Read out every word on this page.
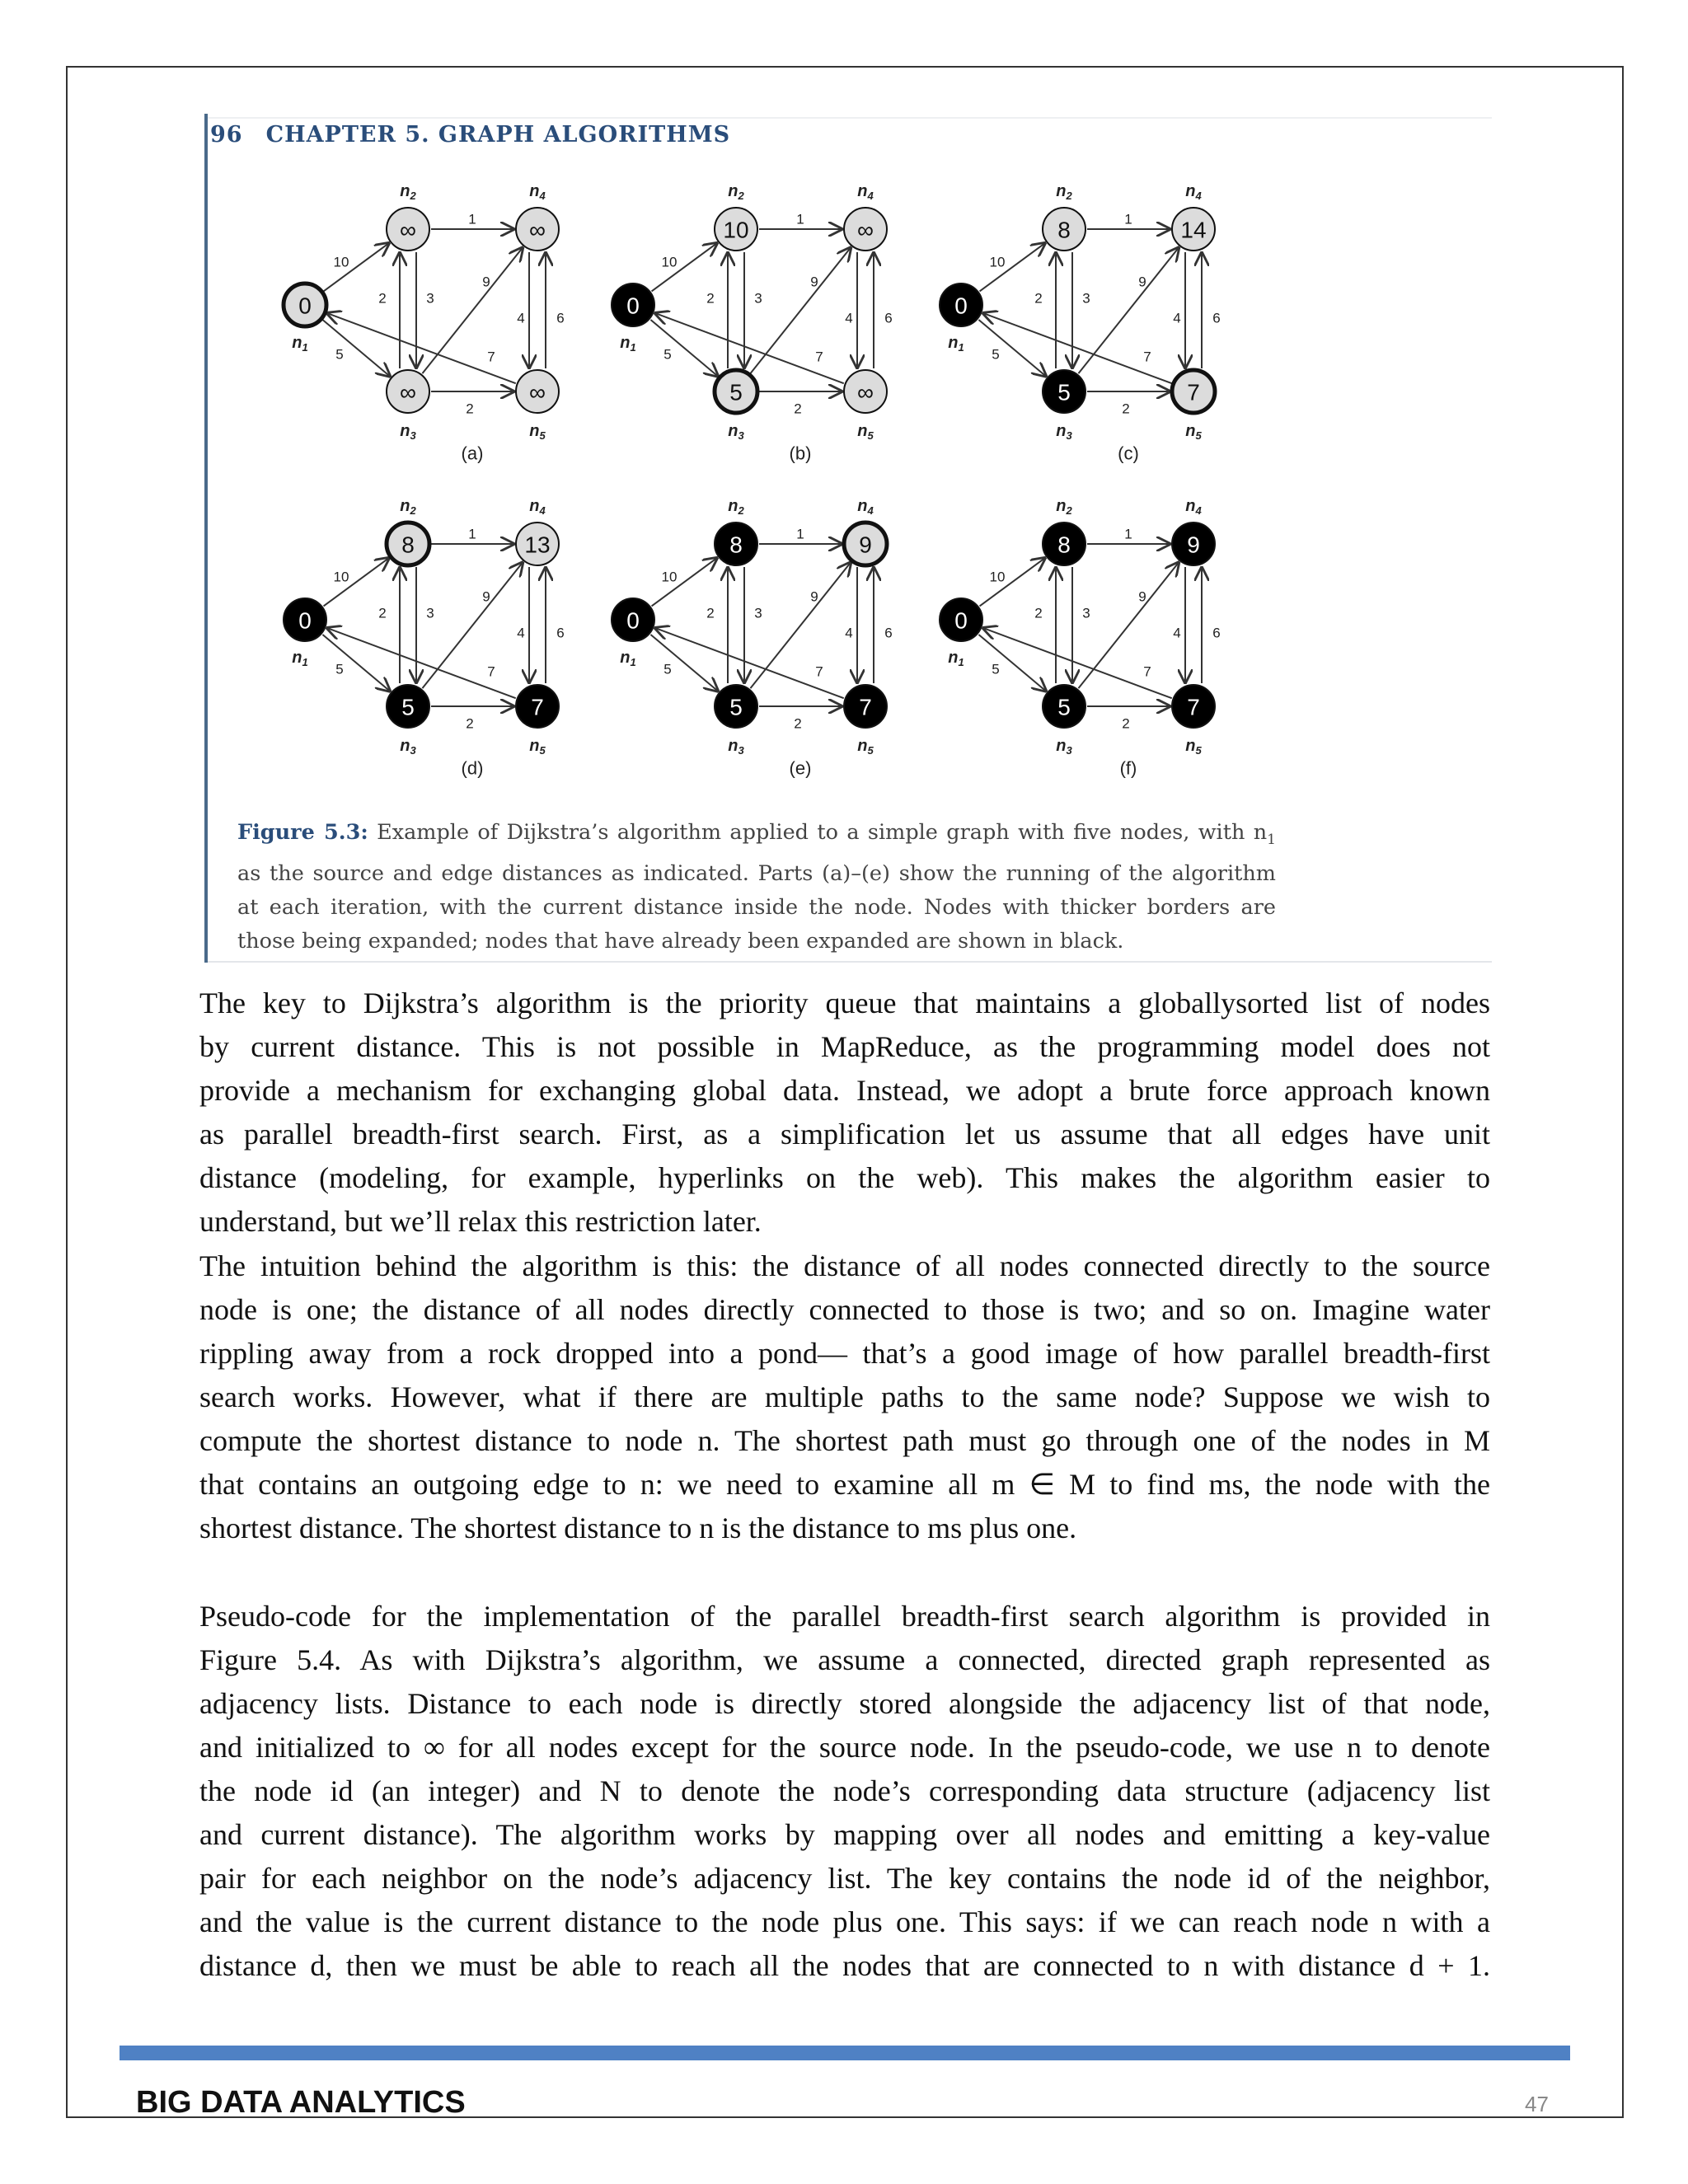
96 CHAPTER 5. GRAPH ALGORITHMS
10
5
1
2	3
9
2
4 6
7
0
$n_1$
∞
$n_2$
∞
$n_3$
∞
$n_4$
∞
$n_5$
(a)
10
5
1
2	3
9
2
4 6
7
0
$n_1$
10
$n_2$
5
$n_3$
∞
$n_4$
∞
$n_5$
(b)
10
5
1
2	3
9
2
4 6
7
0
$n_1$
8
$n_2$
5
$n_3$
14
$n_4$
7
$n_5$
(c)
10
5
1
2	3
9
2
4 6
7
0
$n_1$
8
$n_2$
5
$n_3$
13
$n_4$
7
$n_5$
(d)
10
5
1
2	3
9
2
4 6
7
0
$n_1$
8
$n_2$
5
$n_3$
9
$n_4$
7
$n_5$
(e)
10
5
1
2	3
9
2
4 6
7
0
$n_1$
8
$n_2$
5
$n_3$
9
$n_4$
7
$n_5$
(f)
Figure 5.3: Example of Dijkstra’s algorithm applied to a simple graph with five nodes, with $n_1$
as the source and edge distances as indicated. Parts (a)–(e) show the running of the algorithm
at each iteration, with the current distance inside the node. Nodes with thicker borders are
those being expanded; nodes that have already been expanded are shown in black.
The key to Dijkstra’s algorithm is the priority queue that maintains a globallysorted list of nodes
by current distance. This is not possible in MapReduce, as the programming model does not
provide a mechanism for exchanging global data. Instead, we adopt a brute force approach known
as parallel breadth-first search. First, as a simplification let us assume that all edges have unit
distance (modeling, for example, hyperlinks on the web). This makes the algorithm easier to
understand, but we’ll relax this restriction later.
The intuition behind the algorithm is this: the distance of all nodes connected directly to the source
node is one; the distance of all nodes directly connected to those is two; and so on. Imagine water
rippling away from a rock dropped into a pond— that’s a good image of how parallel breadth-first
search works. However, what if there are multiple paths to the same node? Suppose we wish to
compute the shortest distance to node n. The shortest path must go through one of the nodes in M
that contains an outgoing edge to n: we need to examine all m ∈ M to find ms, the node with the
shortest distance. The shortest distance to n is the distance to ms plus one.
Pseudo-code for the implementation of the parallel breadth-first search algorithm is provided in
Figure 5.4. As with Dijkstra’s algorithm, we assume a connected, directed graph represented as
adjacency lists. Distance to each node is directly stored alongside the adjacency list of that node,
and initialized to ∞ for all nodes except for the source node. In the pseudo-code, we use n to denote
the node id (an integer) and N to denote the node’s corresponding data structure (adjacency list
and current distance). The algorithm works by mapping over all nodes and emitting a key-value
pair for each neighbor on the node’s adjacency list. The key contains the node id of the neighbor,
and the value is the current distance to the node plus one. This says: if we can reach node n with a
distance d, then we must be able to reach all the nodes that are connected to n with distance d + 1.
BIG DATA ANALYTICS	47
